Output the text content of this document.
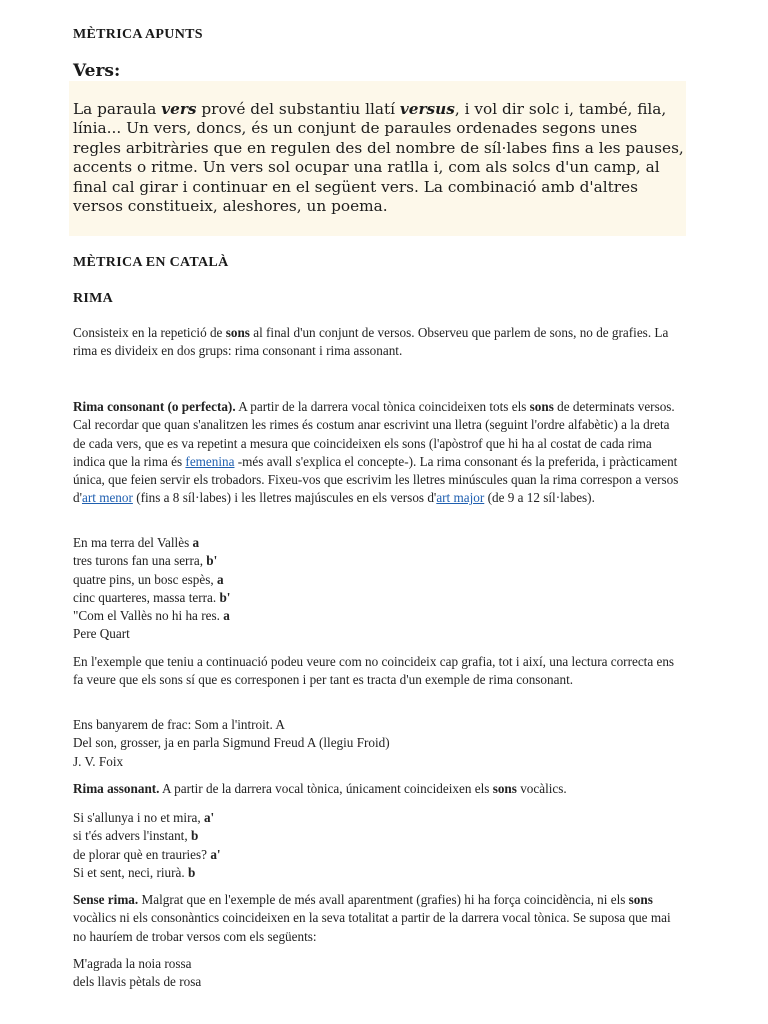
MÈTRICA APUNTS
Vers:

La paraula vers prové del substantiu llatí versus, i vol dir solc i, també, fila, línia... Un vers, doncs, és un conjunt de paraules ordenades segons unes regles arbitràries que en regulen des del nombre de síl·labes fins a les pauses, accents o ritme. Un vers sol ocupar una ratlla i, com als solcs d'un camp, al final cal girar i continuar en el següent vers. La combinació amb d'altres versos constitueix, aleshores, un poema.

MÈTRICA EN CATALÀ
RIMA

Consisteix en la repetició de sons al final d'un conjunt de versos. Observeu que parlem de sons, no de grafies. La rima es divideix en dos grups: rima consonant i rima assonant.

Rima consonant (o perfecta). A partir de la darrera vocal tònica coincideixen tots els sons de determinats versos. Cal recordar que quan s'analitzen les rimes és costum anar escrivint una lletra (seguint l'ordre alfabètic) a la dreta de cada vers, que es va repetint a mesura que coincideixen els sons (l'apòstrof que hi ha al costat de cada rima indica que la rima és femenina -més avall s'explica el concepte-). La rima consonant és la preferida, i pràcticament única, que feien servir els trobadors. Fixeu-vos que escrivim les lletres minúscules quan la rima correspon a versos d'art menor (fins a 8 síl·labes) i les lletres majúscules en els versos d'art major (de 9 a 12 síl·labes).

En ma terra del Vallès a
tres turons fan una serra, b'
quatre pins, un bosc espès, a
cinc quarteres, massa terra. b'
"Com el Vallès no hi ha res. a
Pere Quart

En l'exemple que teniu a continuació podeu veure com no coincideix cap grafia, tot i així, una lectura correcta ens fa veure que els sons sí que es corresponen i per tant es tracta d'un exemple de rima consonant.

Ens banyarem de frac: Som a l'introit. A
Del son, grosser, ja en parla Sigmund Freud A (llegiu Froid)
J. V. Foix

Rima assonant. A partir de la darrera vocal tònica, únicament coincideixen els sons vocàlics.

Si s'allunya i no et mira, a'
si t'és advers l'instant, b
de plorar què en trauries? a'
Si et sent, neci, riurà. b

Sense rima. Malgrat que en l'exemple de més avall aparentment (grafies) hi ha força coincidència, ni els sons vocàlics ni els consonàntics coincideixen en la seva totalitat a partir de la darrera vocal tònica. Se suposa que mai no hauríem de trobar versos com els següents:

M'agrada la noia rossa
dels llavis pètals de rosa
